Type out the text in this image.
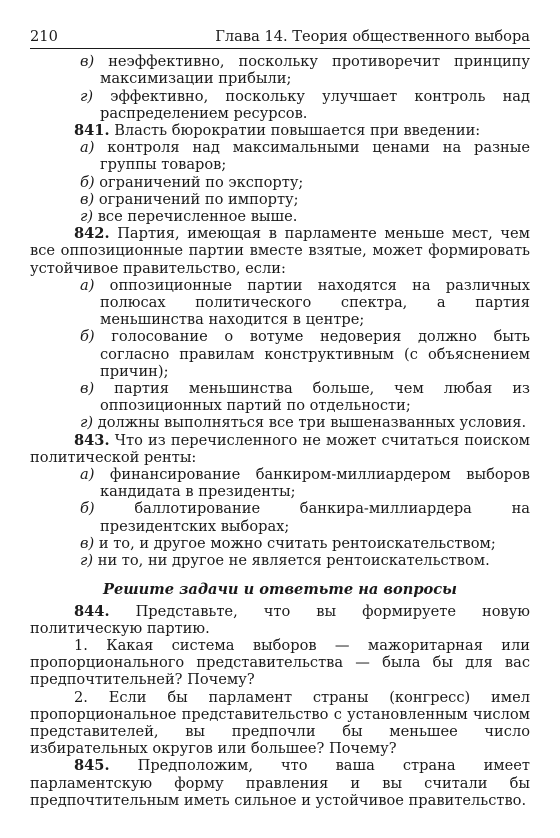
210	Глава 14. Теория общественного выбора

в) неэффективно, поскольку противоречит принципу максимизации прибыли;

г) эффективно, поскольку улучшает контроль над распределением ресурсов.

841. Власть бюрократии повышается при введении:

а) контроля над максимальными ценами на разные группы товаров;

б) ограничений по экспорту;

в) ограничений по импорту;

г) все перечисленное выше.

842. Партия, имеющая в парламенте меньше мест, чем все оппозиционные партии вместе взятые, может формировать устойчивое правительство, если:

а) оппозиционные партии находятся на различных полюсах политического спектра, а партия меньшинства находится в центре;

б) голосование о вотуме недоверия должно быть согласно правилам конструктивным (с объяснением причин);

в) партия меньшинства больше, чем любая из оппозиционных партий по отдельности;

г) должны выполняться все три вышеназванных условия.

843. Что из перечисленного не может считаться поиском политической ренты:

а) финансирование банкиром-миллиардером выборов кандидата в президенты;

б)	баллотирование банкира-миллиардера на президентских выборах;

в) и то, и другое можно считать рентоискательством;

г) ни то, ни другое не является рентоискательством.

Решите задачи и ответьте на вопросы

844. Представьте, что вы формируете новую политическую партию.

1. Какая система выборов — мажоритарная или пропорционального представительства — была бы для вас предпочтительней? Почему?

2. Если бы парламент страны (конгресс) имел пропорциональное представительство с установленным числом представителей, вы предпочли бы меньшее число избирательных округов или большее? Почему?

845. Предположим, что ваша страна имеет парламентскую форму правления и вы считали бы предпочтительным иметь сильное и устойчивое правительство.
